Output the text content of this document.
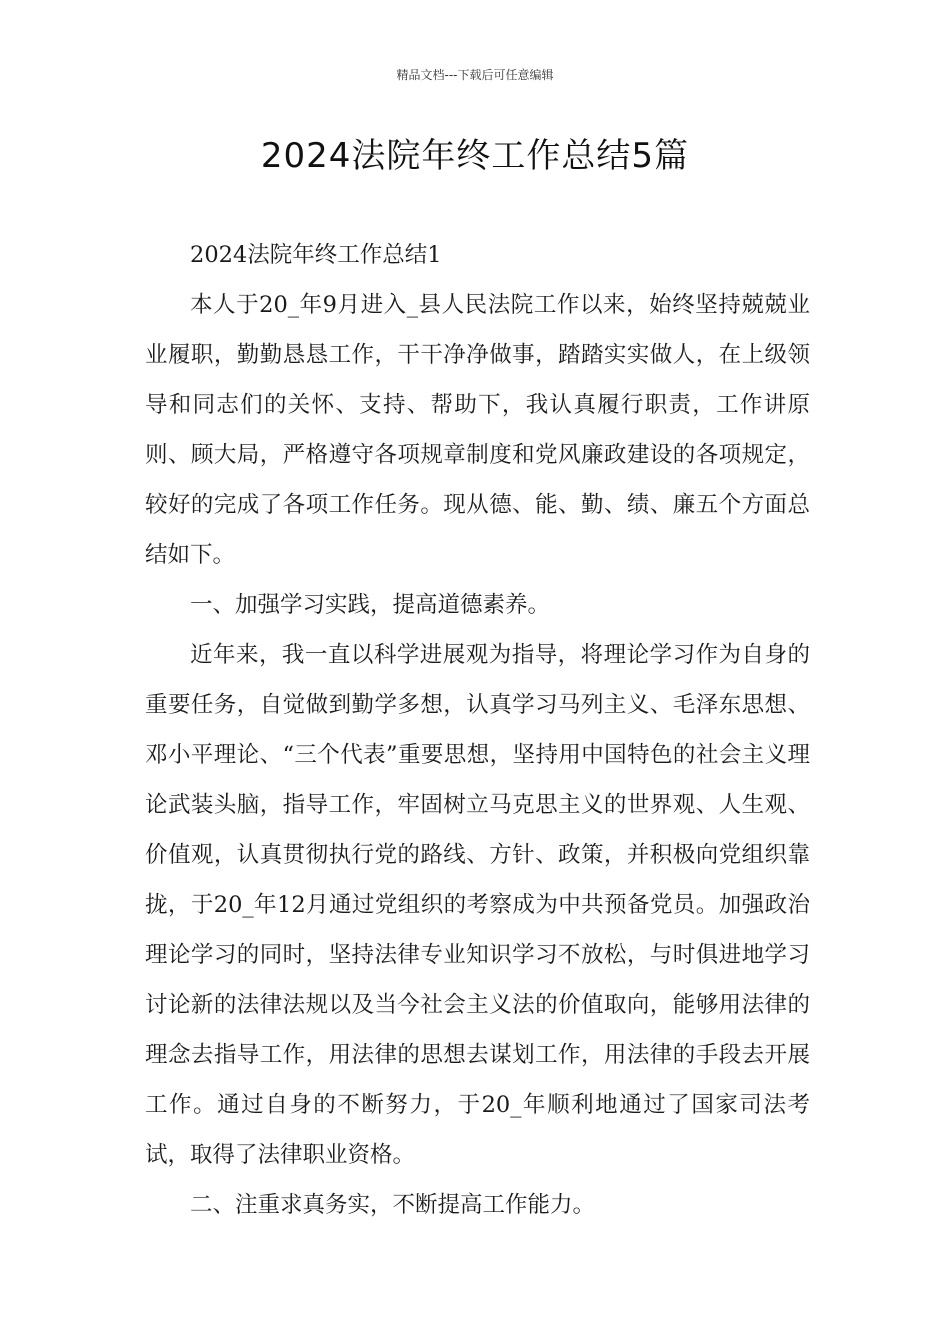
精品文档---下载后可任意编辑
2024法院年终工作总结5篇

2024法院年终工作总结1

本人于20_年9月进入_县人民法院工作以来，始终坚持兢兢业业履职，勤勤恳恳工作，干干净净做事，踏踏实实做人，在上级领导和同志们的关怀、支持、帮助下，我认真履行职责，工作讲原则、顾大局，严格遵守各项规章制度和党风廉政建设的各项规定，较好的完成了各项工作任务。现从德、能、勤、绩、廉五个方面总结如下。

一、加强学习实践，提高道德素养。

近年来，我一直以科学进展观为指导，将理论学习作为自身的重要任务，自觉做到勤学多想，认真学习马列主义、毛泽东思想、邓小平理论、“三个代表”重要思想，坚持用中国特色的社会主义理论武装头脑，指导工作，牢固树立马克思主义的世界观、人生观、价值观，认真贯彻执行党的路线、方针、政策，并积极向党组织靠拢，于20_年12月通过党组织的考察成为中共预备党员。加强政治理论学习的同时，坚持法律专业知识学习不放松，与时俱进地学习讨论新的法律法规以及当今社会主义法的价值取向，能够用法律的理念去指导工作，用法律的思想去谋划工作，用法律的手段去开展工作。通过自身的不断努力，于20_年顺利地通过了国家司法考试，取得了法律职业资格。

二、注重求真务实，不断提高工作能力。
